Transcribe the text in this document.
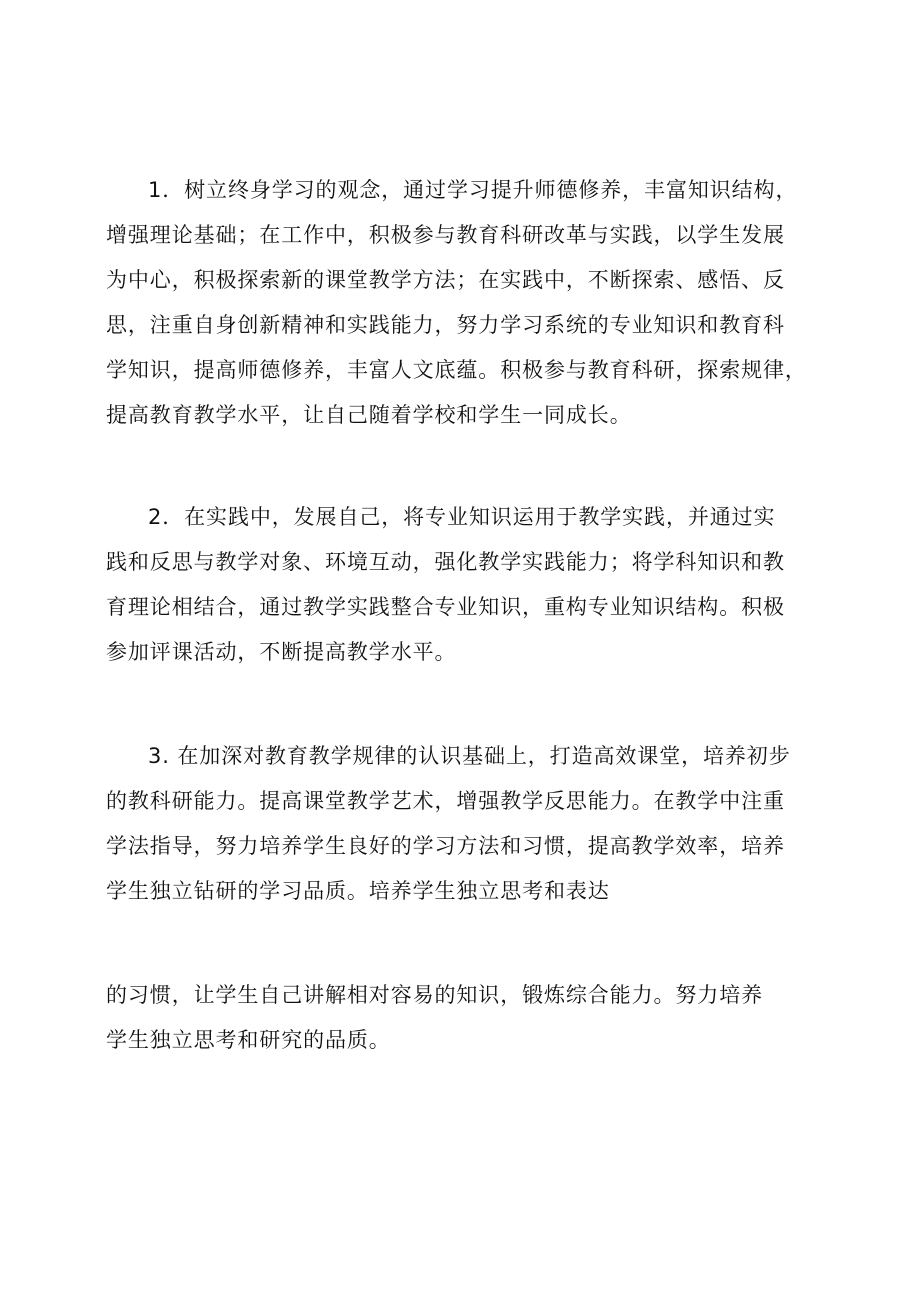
1．树立终身学习的观念，通过学习提升师德修养，丰富知识结构，
增强理论基础；在工作中，积极参与教育科研改革与实践，以学生发展
为中心，积极探索新的课堂教学方法；在实践中，不断探索、感悟、反
思，注重自身创新精神和实践能力，努力学习系统的专业知识和教育科
学知识，提高师德修养，丰富人文底蕴。积极参与教育科研，探索规律，
提高教育教学水平，让自己随着学校和学生一同成长。
2．在实践中，发展自己，将专业知识运用于教学实践，并通过实
践和反思与教学对象、环境互动，强化教学实践能力；将学科知识和教
育理论相结合，通过教学实践整合专业知识，重构专业知识结构。积极
参加评课活动，不断提高教学水平。
3. 在加深对教育教学规律的认识基础上，打造高效课堂，培养初步
的教科研能力。提高课堂教学艺术，增强教学反思能力。在教学中注重
学法指导，努力培养学生良好的学习方法和习惯，提高教学效率，培养
学生独立钻研的学习品质。培养学生独立思考和表达
的习惯，让学生自己讲解相对容易的知识，锻炼综合能力。努力培养
学生独立思考和研究的品质。
